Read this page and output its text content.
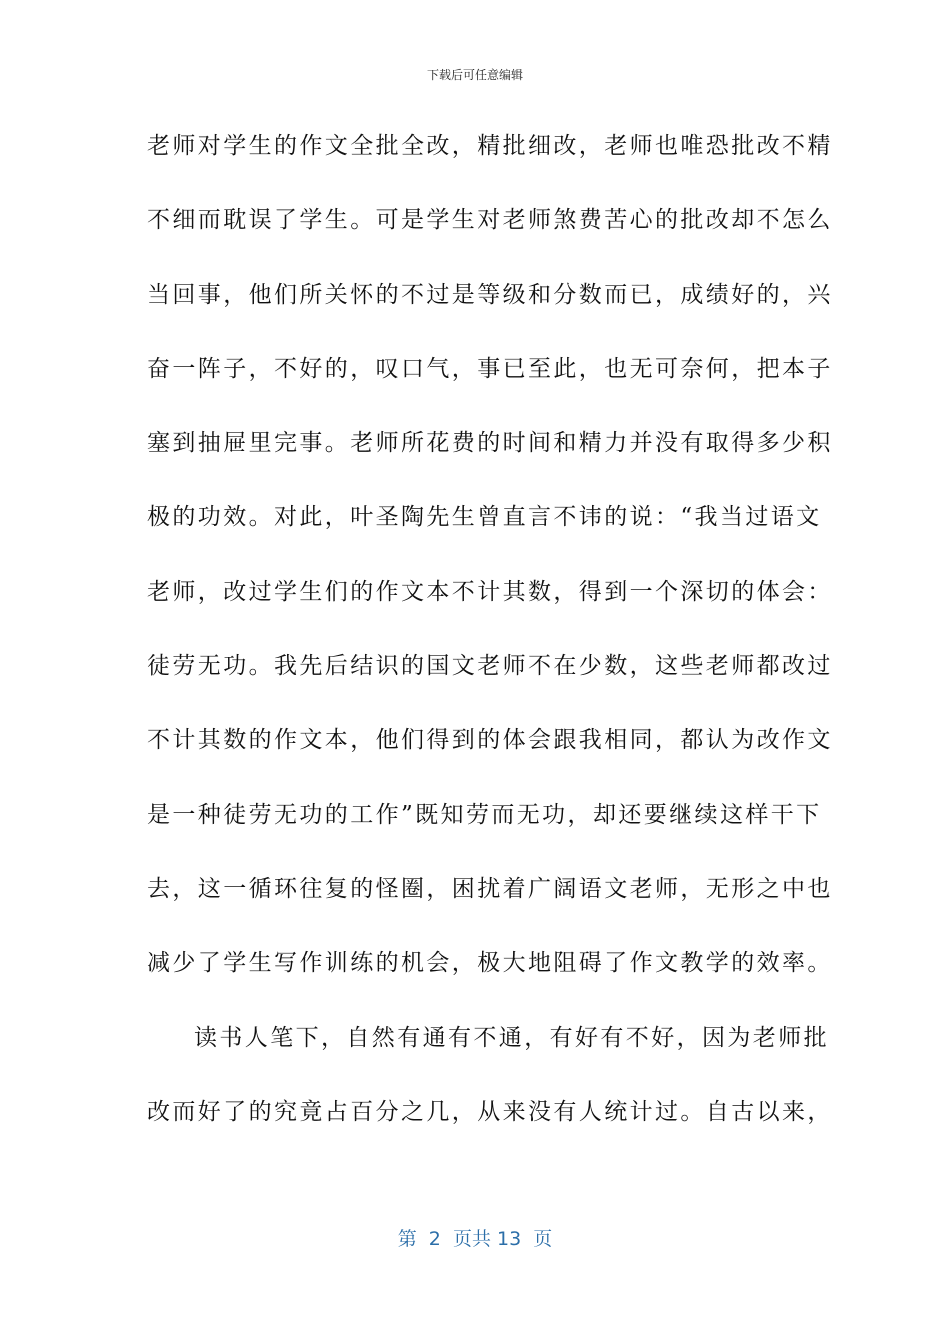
下载后可任意编辑
老师对学生的作文全批全改，精批细改，老师也唯恐批改不精
不细而耽误了学生。可是学生对老师煞费苦心的批改却不怎么
当回事，他们所关怀的不过是等级和分数而已，成绩好的，兴
奋一阵子，不好的，叹口气，事已至此，也无可奈何，把本子
塞到抽屉里完事。老师所花费的时间和精力并没有取得多少积
极的功效。对此，叶圣陶先生曾直言不讳的说：“我当过语文
老师，改过学生们的作文本不计其数，得到一个深切的体会：
徒劳无功。我先后结识的国文老师不在少数，这些老师都改过
不计其数的作文本，他们得到的体会跟我相同，都认为改作文
是一种徒劳无功的工作”既知劳而无功，却还要继续这样干下
去，这一循环往复的怪圈，困扰着广阔语文老师，无形之中也
减少了学生写作训练的机会，极大地阻碍了作文教学的效率。
读书人笔下，自然有通有不通，有好有不好，因为老师批
改而好了的究竟占百分之几，从来没有人统计过。自古以来，
第  2  页共 13  页
